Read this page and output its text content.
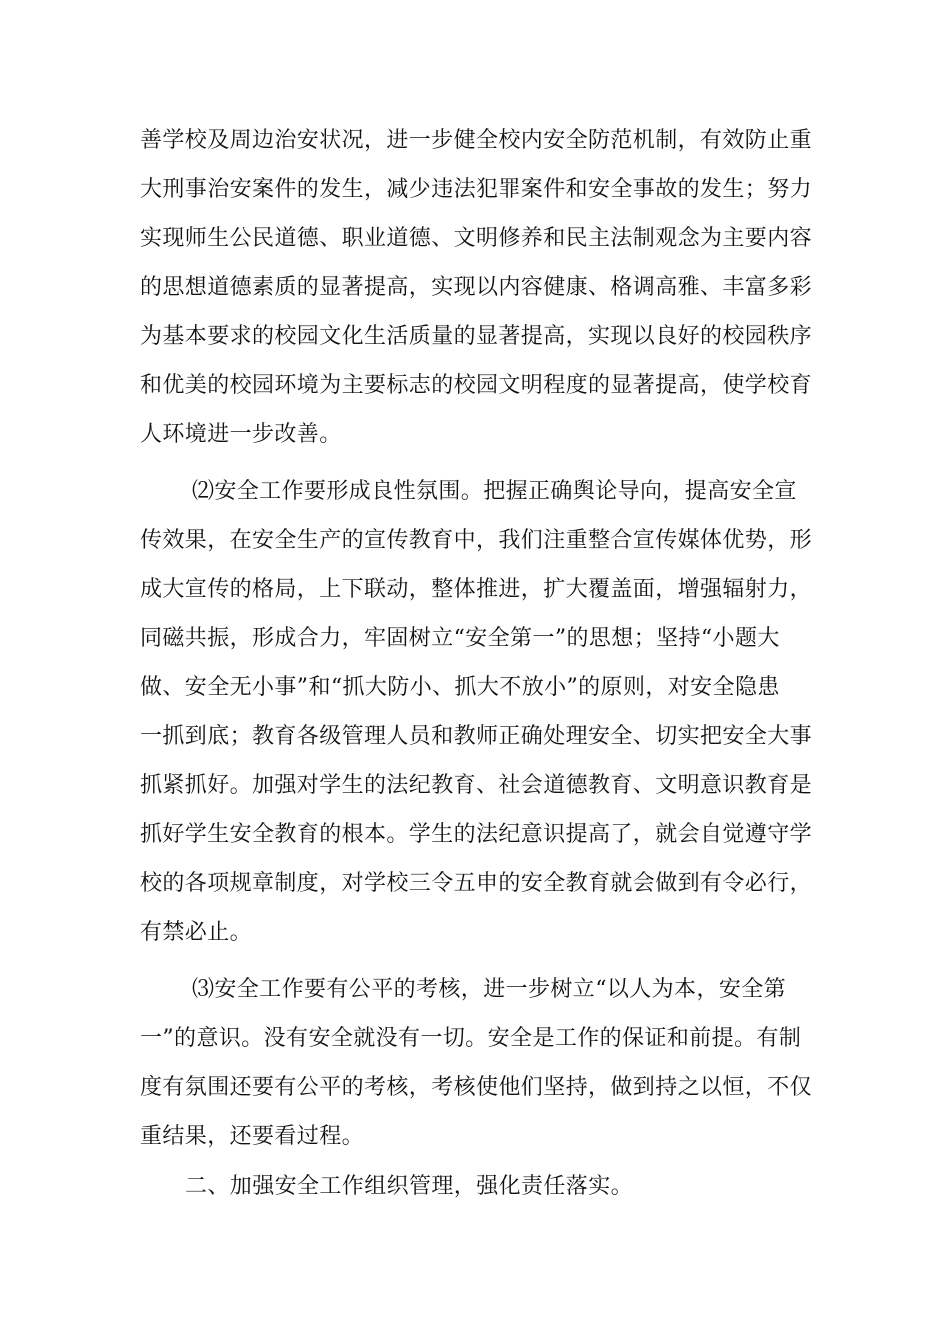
善学校及周边治安状况，进一步健全校内安全防范机制，有效防止重
大刑事治安案件的发生，减少违法犯罪案件和安全事故的发生；努力
实现师生公民道德、职业道德、文明修养和民主法制观念为主要内容
的思想道德素质的显著提高，实现以内容健康、格调高雅、丰富多彩
为基本要求的校园文化生活质量的显著提高，实现以良好的校园秩序
和优美的校园环境为主要标志的校园文明程度的显著提高，使学校育
人环境进一步改善。
⑵安全工作要形成良性氛围。把握正确舆论导向，提高安全宣
传效果，在安全生产的宣传教育中，我们注重整合宣传媒体优势，形
成大宣传的格局，上下联动，整体推进，扩大覆盖面，增强辐射力，
同磁共振，形成合力，牢固树立“安全第一”的思想；坚持“小题大
做、安全无小事”和“抓大防小、抓大不放小”的原则，对安全隐患
一抓到底；教育各级管理人员和教师正确处理安全、切实把安全大事
抓紧抓好。加强对学生的法纪教育、社会道德教育、文明意识教育是
抓好学生安全教育的根本。学生的法纪意识提高了，就会自觉遵守学
校的各项规章制度，对学校三令五申的安全教育就会做到有令必行，
有禁必止。
⑶安全工作要有公平的考核，进一步树立“以人为本，安全第
一”的意识。没有安全就没有一切。安全是工作的保证和前提。有制
度有氛围还要有公平的考核，考核使他们坚持，做到持之以恒，不仅
重结果，还要看过程。
二、加强安全工作组织管理，强化责任落实。
